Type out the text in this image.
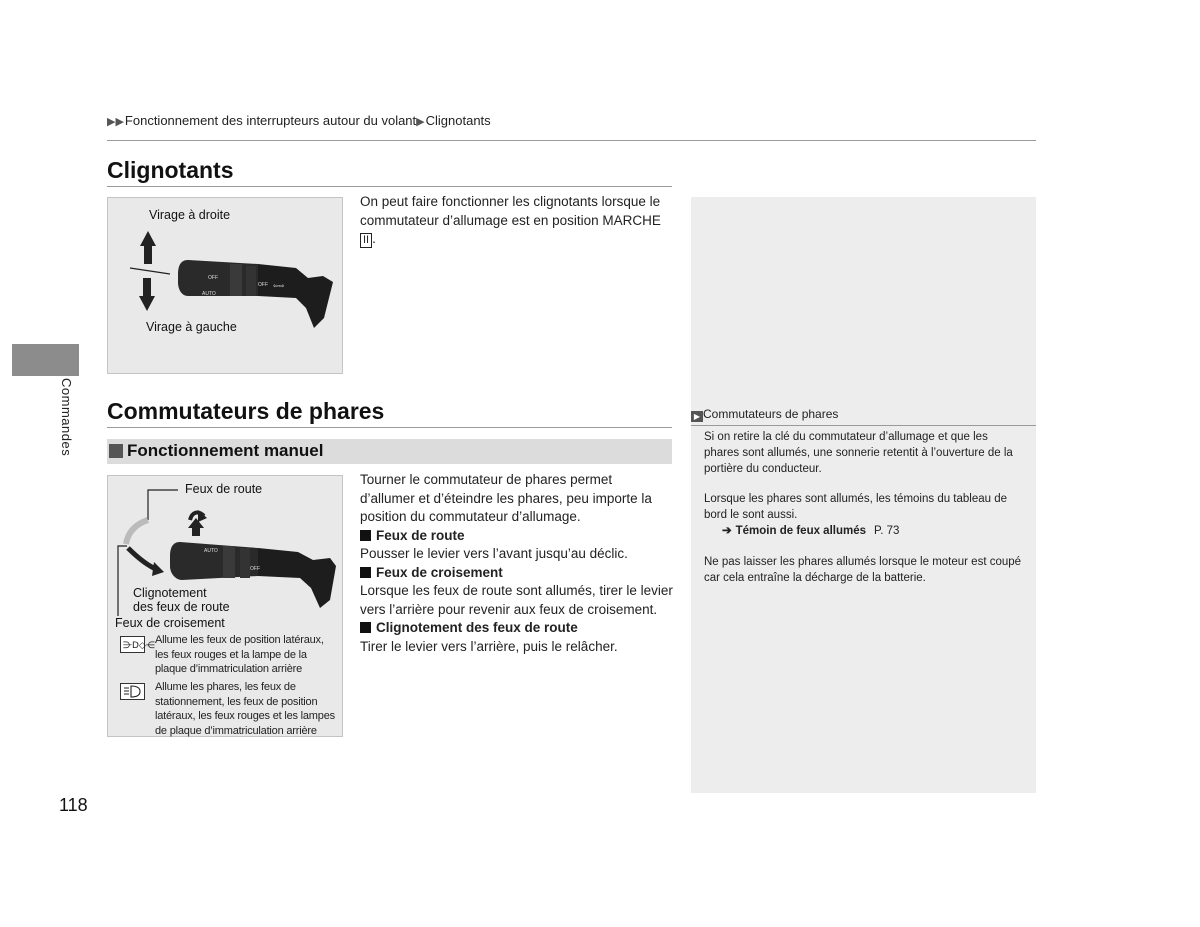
▶▶Fonctionnement des interrupteurs autour du volant▶Clignotants
Commandes
Clignotants
Virage à droite
Virage à gauche
OFF
AUTO
OFF ⇦⇨
On peut faire fonctionner les clignotants lorsque le
commutateur d’allumage est en position MARCHE
II .
Commutateurs de phares
Fonctionnement manuel
Feux de route
Clignotement
des feux de route
Feux de croisement
AUTO
OFF
⋺D◇⋲ Allume les feux de position latéraux,
les feux rouges et la lampe de la
plaque d’immatriculation arrière
Allume les phares, les feux de
stationnement, les feux de position
latéraux, les feux rouges et les lampes
de plaque d’immatriculation arrière
Tourner le commutateur de phares permet
d’allumer et d’éteindre les phares, peu importe la
position du commutateur d’allumage.
Feux de route
Pousser le levier vers l’avant jusqu’au déclic.
Feux de croisement
Lorsque les feux de route sont allumés, tirer le levier
vers l’arrière pour revenir aux feux de croisement.
Clignotement des feux de route
Tirer le levier vers l’arrière, puis le relâcher.
▶ Commutateurs de phares
Si on retire la clé du commutateur d’allumage et que les
phares sont allumés, une sonnerie retentit à l’ouverture de la
portière du conducteur.
Lorsque les phares sont allumés, les témoins du tableau de
bord le sont aussi.
➔ Témoin de feux allumés P. 73
Ne pas laisser les phares allumés lorsque le moteur est coupé
car cela entraîne la décharge de la batterie.
118
